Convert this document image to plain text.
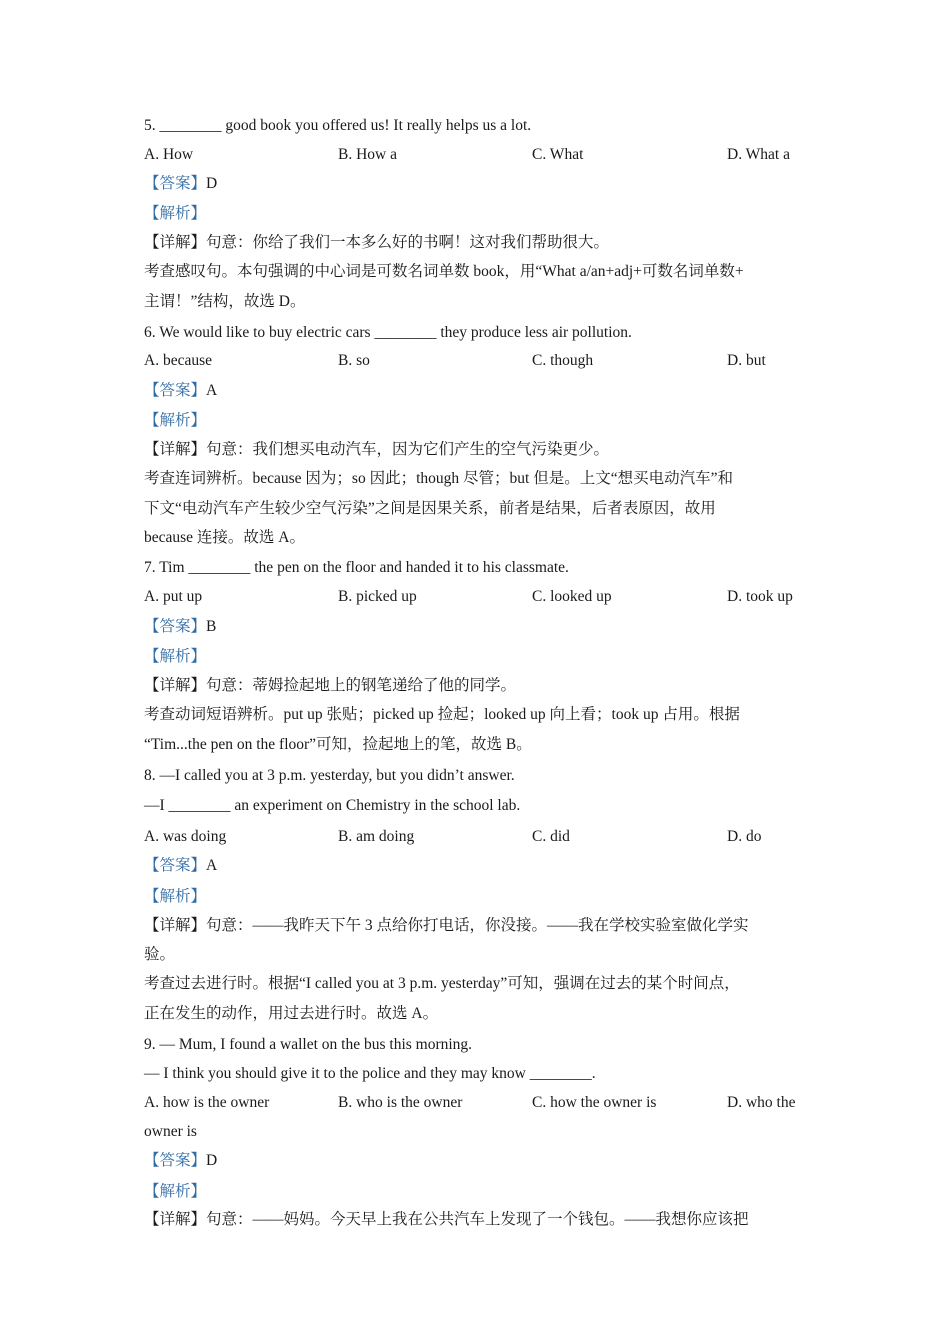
5. ________ good book you offered us! It really helps us a lot.
A. How	B. How a	C. What	D. What a
【答案】D
【解析】
【详解】句意：你给了我们一本多么好的书啊！这对我们帮助很大。
考查感叹句。本句强调的中心词是可数名词单数 book，用“What a/an+adj+可数名词单数+
主谓！”结构，故选 D。
6. We would like to buy electric cars ________ they produce less air pollution.
A. because	B. so	C. though	D. but
【答案】A
【解析】
【详解】句意：我们想买电动汽车，因为它们产生的空气污染更少。
考查连词辨析。because 因为；so 因此；though 尽管；but 但是。上文“想买电动汽车”和
下文“电动汽车产生较少空气污染”之间是因果关系，前者是结果，后者表原因，故用
because 连接。故选 A。
7. Tim ________ the pen on the floor and handed it to his classmate.
A. put up	B. picked up	C. looked up	D. took up
【答案】B
【解析】
【详解】句意：蒂姆捡起地上的钢笔递给了他的同学。
考查动词短语辨析。put up 张贴；picked up 捡起；looked up 向上看；took up 占用。根据
“Tim...the pen on the floor”可知，捡起地上的笔，故选 B。
8. —I called you at 3 p.m. yesterday, but you didn’t answer.
—I ________ an experiment on Chemistry in the school lab.
A. was doing	B. am doing	C. did	D. do
【答案】A
【解析】
【详解】句意：——我昨天下午 3 点给你打电话，你没接。——我在学校实验室做化学实
验。
考查过去进行时。根据“I called you at 3 p.m. yesterday”可知，强调在过去的某个时间点，
正在发生的动作，用过去进行时。故选 A。
9. — Mum, I found a wallet on the bus this morning.
— I think you should give it to the police and they may know ________.
A. how is the owner	B. who is the owner	C. how the owner is	D. who the
owner is
【答案】D
【解析】
【详解】句意：——妈妈。今天早上我在公共汽车上发现了一个钱包。——我想你应该把
